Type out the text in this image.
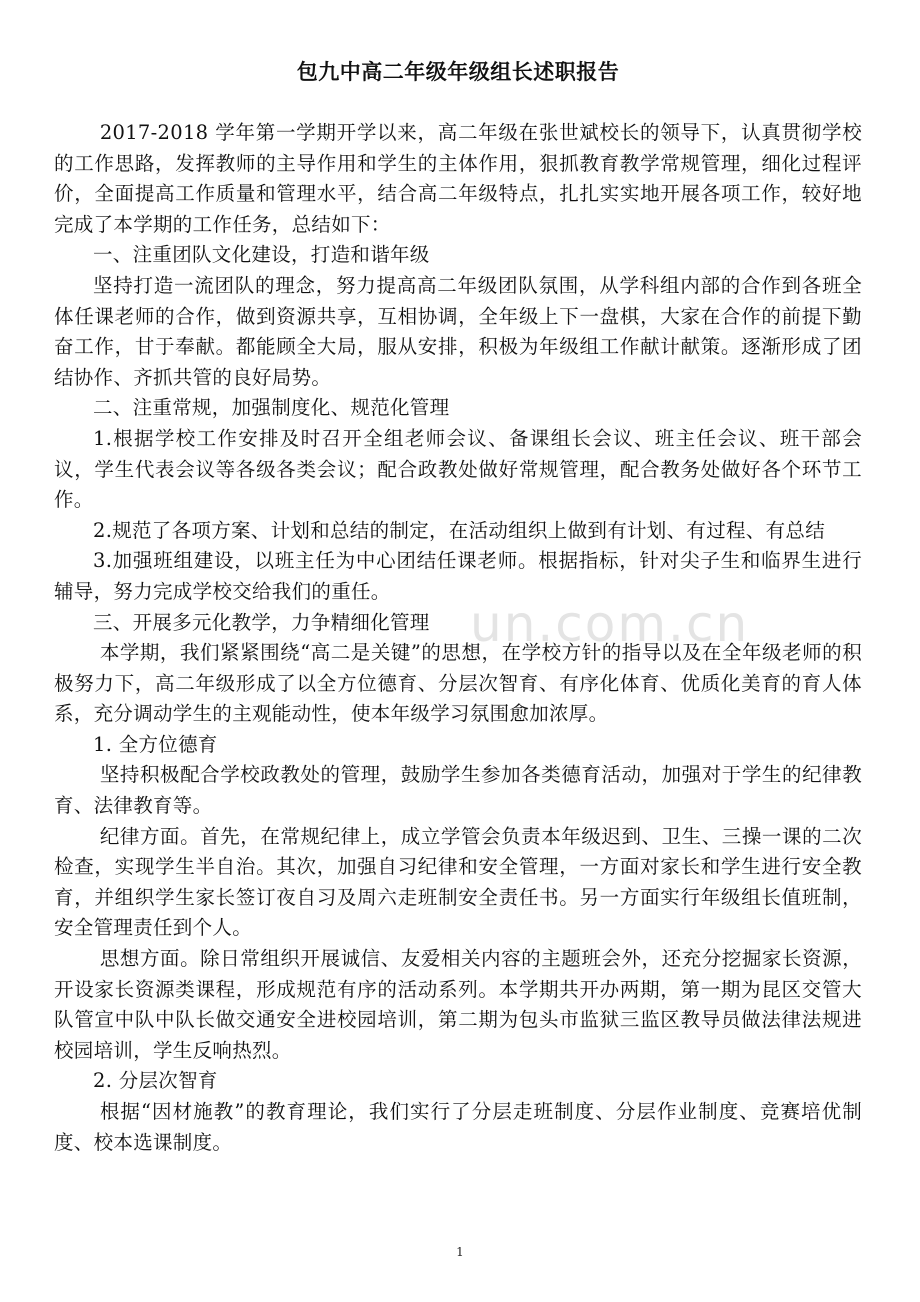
un.com.cn
包九中高二年级年级组长述职报告

2017-2018 学年第一学期开学以来，高二年级在张世斌校长的领导下，认真贯彻学校的工作思路，发挥教师的主导作用和学生的主体作用，狠抓教育教学常规管理，细化过程评价，全面提高工作质量和管理水平，结合高二年级特点，扎扎实实地开展各项工作，较好地完成了本学期的工作任务，总结如下：

一、注重团队文化建设，打造和谐年级

坚持打造一流团队的理念，努力提高高二年级团队氛围，从学科组内部的合作到各班全体任课老师的合作，做到资源共享，互相协调，全年级上下一盘棋，大家在合作的前提下勤奋工作，甘于奉献。都能顾全大局，服从安排，积极为年级组工作献计献策。逐渐形成了团结协作、齐抓共管的良好局势。

二、注重常规，加强制度化、规范化管理

1.根据学校工作安排及时召开全组老师会议、备课组长会议、班主任会议、班干部会议，学生代表会议等各级各类会议；配合政教处做好常规管理，配合教务处做好各个环节工作。

2.规范了各项方案、计划和总结的制定，在活动组织上做到有计划、有过程、有总结

3.加强班组建设，以班主任为中心团结任课老师。根据指标，针对尖子生和临界生进行辅导，努力完成学校交给我们的重任。

三、开展多元化教学，力争精细化管理

本学期，我们紧紧围绕“高二是关键”的思想，在学校方针的指导以及在全年级老师的积极努力下，高二年级形成了以全方位德育、分层次智育、有序化体育、优质化美育的育人体系，充分调动学生的主观能动性，使本年级学习氛围愈加浓厚。

1. 全方位德育

坚持积极配合学校政教处的管理，鼓励学生参加各类德育活动，加强对于学生的纪律教育、法律教育等。

纪律方面。首先，在常规纪律上，成立学管会负责本年级迟到、卫生、三操一课的二次检查，实现学生半自治。其次，加强自习纪律和安全管理，一方面对家长和学生进行安全教育，并组织学生家长签订夜自习及周六走班制安全责任书。另一方面实行年级组长值班制，安全管理责任到个人。

思想方面。除日常组织开展诚信、友爱相关内容的主题班会外，还充分挖掘家长资源，开设家长资源类课程，形成规范有序的活动系列。本学期共开办两期，第一期为昆区交管大队管宣中队中队长做交通安全进校园培训，第二期为包头市监狱三监区教导员做法律法规进校园培训，学生反响热烈。

2. 分层次智育

根据“因材施教”的教育理论，我们实行了分层走班制度、分层作业制度、竞赛培优制度、校本选课制度。

1
